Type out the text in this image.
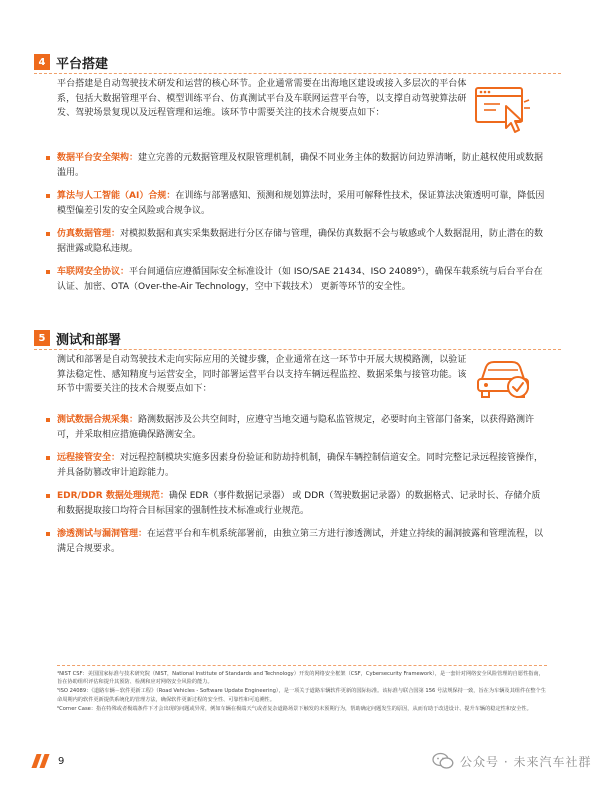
4 平台搭建
平台搭建是自动驾驶技术研发和运营的核心环节。企业通常需要在出海地区建设或接入多层次的平台体系，包括大数据管理平台、模型训练平台、仿真测试平台及车联网运营平台等，以支撑自动驾驶算法研发、驾驶场景复现以及远程管理和运维。该环节中需要关注的技术合规要点如下：
数据平台安全架构：建立完善的元数据管理及权限管理机制，确保不同业务主体的数据访问边界清晰，防止越权使用或数据滥用。
算法与人工智能（AI）合规：在训练与部署感知、预测和规划算法时，采用可解释性技术，保证算法决策透明可靠，降低因模型偏差引发的安全风险或合规争议。
仿真数据管理：对模拟数据和真实采集数据进行分区存储与管理，确保仿真数据不会与敏感或个人数据混用，防止潜在的数据泄露或隐私违规。
车联网安全协议：平台间通信应遵循国际安全标准设计（如 ISO/SAE 21434、ISO 24089⁵），确保车载系统与后台平台在认证、加密、OTA（Over-the-Air Technology，空中下载技术） 更新等环节的安全性。
5 测试和部署
测试和部署是自动驾驶技术走向实际应用的关键步骤，企业通常在这一环节中开展大规模路测，以验证算法稳定性、感知精度与运营安全，同时部署运营平台以支持车辆远程监控、数据采集与接管功能。该环节中需要关注的技术合规要点如下：
测试数据合规采集：路测数据涉及公共空间时，应遵守当地交通与隐私监管规定，必要时向主管部门备案，以获得路测许可，并采取相应措施确保路测安全。
远程接管安全：对远程控制模块实施多因素身份验证和防劫持机制，确保车辆控制信道安全。同时完整记录远程接管操作，并具备防篡改审计追踪能力。
EDR/DDR 数据处理规范：确保 EDR（事件数据记录器） 或 DDR（驾驶数据记录器）的数据格式、记录时长、存储介质和数据提取接口均符合目标国家的强制性技术标准或行业规范。
渗透测试与漏洞管理：在运营平台和车机系统部署前，由独立第三方进行渗透测试，并建立持续的漏洞披露和管理流程，以满足合规要求。

⁴NIST CSF：美国国家标准与技术研究院（NIST，National Institute of Standards and Technology）开发的网络安全框架（CSF，Cybersecurity Framework），是一套针对网络安全风险管理的自愿性指南，旨在协助组织评估和提升其预防、检测和应对网络安全风险的能力。

⁵ISO 24089：《道路车辆－软件更新工程》（Road Vehicles - Software Update Engineering），是一项关于道路车辆软件更新的国际标准。该标准与联合国第 156 号法规保持一致，旨在为车辆及其组件在整个生命周期内的软件更新提供系统化的管理方法，确保软件更新过程的安全性、可靠性和可追溯性。

⁶Corner Case：指在特殊或者极端条件下才会出现的问题或异常，例如车辆在极端天气或者复杂道路场景下触发的未预期行为，帮助确定问题发生的原因，从而有助于改进设计、提升车辆的稳定性和安全性。

9	公众号 · 未来汽车社群
